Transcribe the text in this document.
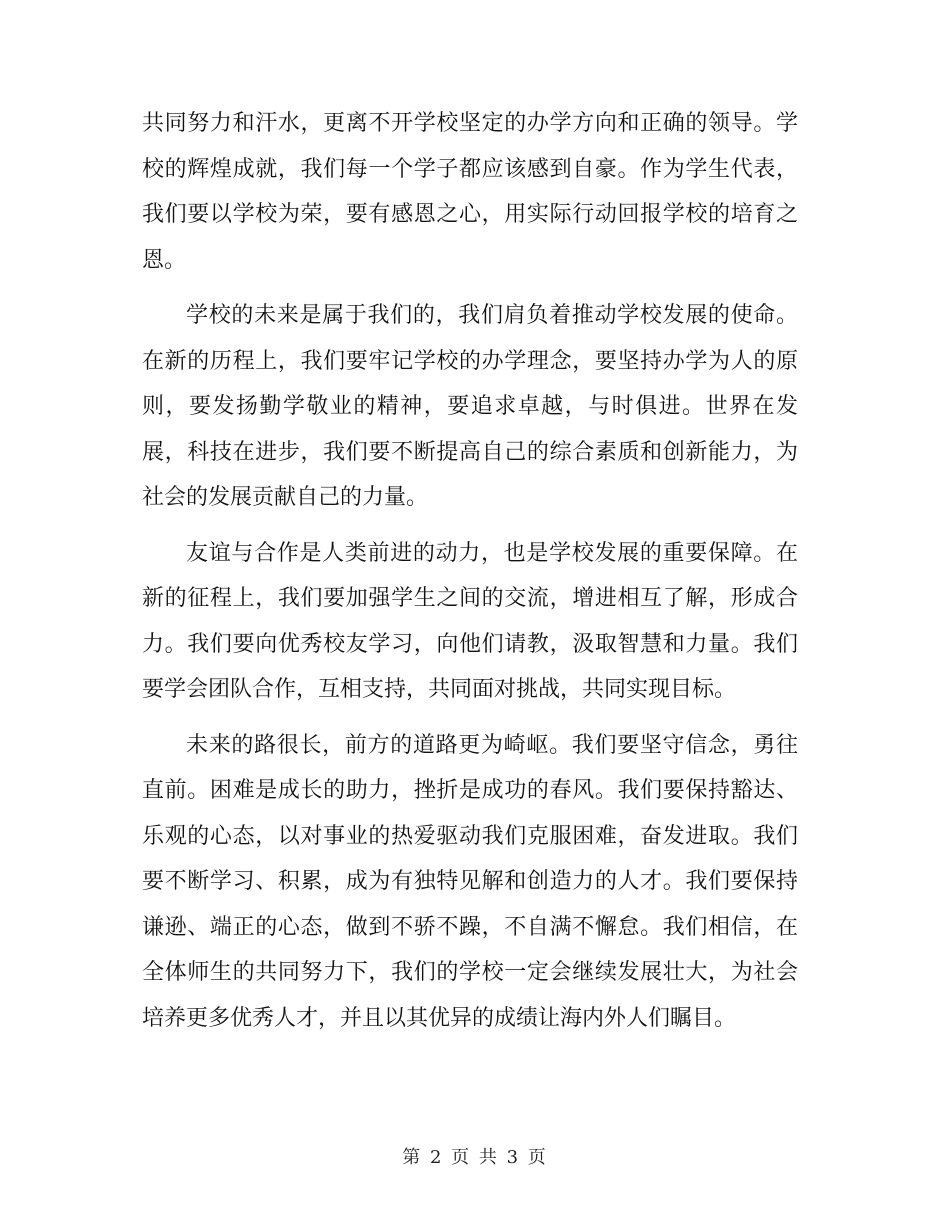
共同努力和汗水，更离不开学校坚定的办学方向和正确的领导。学校的辉煌成就，我们每一个学子都应该感到自豪。作为学生代表，我们要以学校为荣，要有感恩之心，用实际行动回报学校的培育之恩。

学校的未来是属于我们的，我们肩负着推动学校发展的使命。在新的历程上，我们要牢记学校的办学理念，要坚持办学为人的原则，要发扬勤学敬业的精神，要追求卓越，与时俱进。世界在发展，科技在进步，我们要不断提高自己的综合素质和创新能力，为社会的发展贡献自己的力量。

友谊与合作是人类前进的动力，也是学校发展的重要保障。在新的征程上，我们要加强学生之间的交流，增进相互了解，形成合力。我们要向优秀校友学习，向他们请教，汲取智慧和力量。我们要学会团队合作，互相支持，共同面对挑战，共同实现目标。

未来的路很长，前方的道路更为崎岖。我们要坚守信念，勇往直前。困难是成长的助力，挫折是成功的春风。我们要保持豁达、乐观的心态，以对事业的热爱驱动我们克服困难，奋发进取。我们要不断学习、积累，成为有独特见解和创造力的人才。我们要保持谦逊、端正的心态，做到不骄不躁，不自满不懈怠。我们相信，在全体师生的共同努力下，我们的学校一定会继续发展壮大，为社会培养更多优秀人才，并且以其优异的成绩让海内外人们瞩目。

第 2 页 共 3 页
